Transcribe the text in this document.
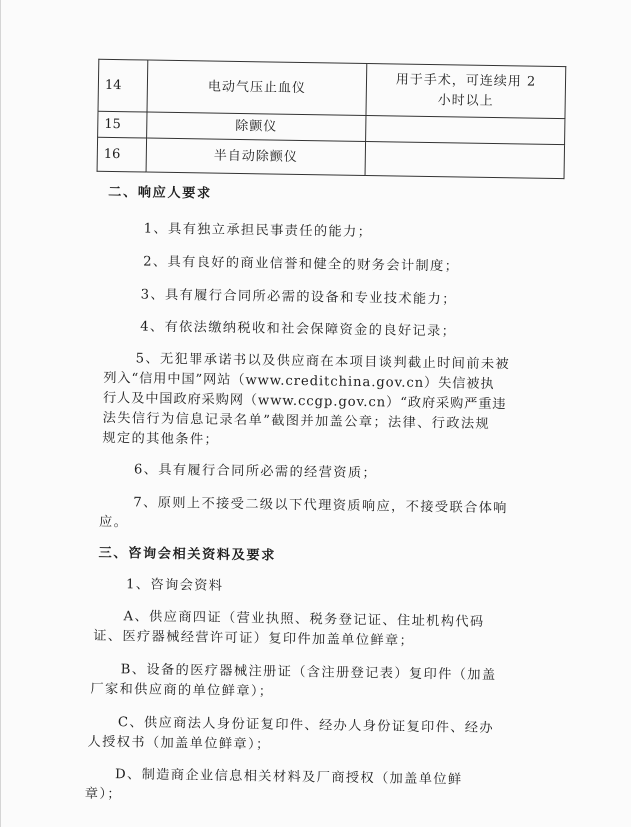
14	电动气压止血仪	用于手术，可连续用 2
小时以上

15	除颤仪	
16	半自动除颤仪	
二、响应人要求
1、具有独立承担民事责任的能力；
2、具有良好的商业信誉和健全的财务会计制度；
3、具有履行合同所必需的设备和专业技术能力；
4、有依法缴纳税收和社会保障资金的良好记录；
5、无犯罪承诺书以及供应商在本项目谈判截止时间前未被
列入“信用中国”网站（www.creditchina.gov.cn）失信被执
行人及中国政府采购网（www.ccgp.gov.cn）“政府采购严重违
法失信行为信息记录名单”截图并加盖公章；法律、行政法规
规定的其他条件；
6、具有履行合同所必需的经营资质；
7、原则上不接受二级以下代理资质响应，不接受联合体响
应。
三、咨询会相关资料及要求
1、咨询会资料
A、供应商四证（营业执照、税务登记证、住址机构代码
证、医疗器械经营许可证）复印件加盖单位鲜章；
B、设备的医疗器械注册证（含注册登记表）复印件（加盖
厂家和供应商的单位鲜章）；
C、供应商法人身份证复印件、经办人身份证复印件、经办
人授权书（加盖单位鲜章）；
D、制造商企业信息相关材料及厂商授权（加盖单位鲜
章）；
